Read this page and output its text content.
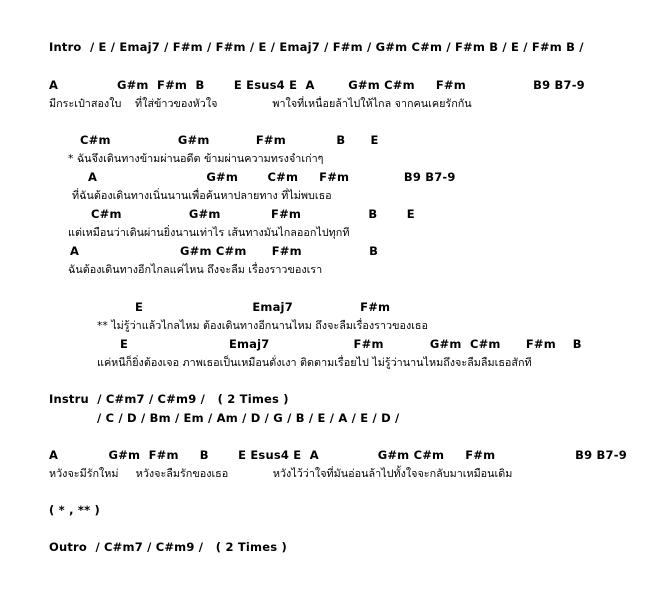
Intro  / E / Emaj7 / F#m / F#m / E / Emaj7 / F#m / G#m C#m / F#m B / E / F#m B /
A              G#m  F#m  B       E Esus4 E  A        G#m C#m     F#m                B9 B7-9
มีกระเป๋าสองใบ    ที่ใส่ข้าวของหัวใจ                พาใจที่เหนื่อยล้าไปให้ไกล จากคนเคยรักกัน
C#m                G#m           F#m            B      E
* ฉันจึงเดินทางข้ามผ่านอดีต ข้ามผ่านความทรงจำเก่าๆ
A                          G#m       C#m     F#m             B9 B7-9
ที่ฉันต้องเดินทางเนิ่นนานเพื่อค้นหาปลายทาง ที่ไม่พบเธอ
C#m                G#m            F#m                B       E
แต่เหมือนว่าเดินผ่านยิ่งนานเท่าไร เส้นทางมันไกลออกไปทุกที
A                        G#m C#m      F#m                B
ฉันต้องเดินทางอีกไกลแค่ไหน ถึงจะลืม เรื่องราวของเรา
E                          Emaj7                F#m
** ไม่รู้ว่าแล้วไกลไหม ต้องเดินทางอีกนานไหม ถึงจะลืมเรื่องราวของเธอ
E                        Emaj7                    F#m           G#m  C#m      F#m    B
แค่หนีก็ยิ่งต้องเจอ ภาพเธอเป็นเหมือนดั่งเงา ติดตามเรื่อยไป ไม่รู้ว่านานไหมถึงจะลืมลืมเธอสักที
Instru  / C#m7 / C#m9 /   ( 2 Times )
/ C / D / Bm / Em / Am / D / G / B / E / A / E / D /
A            G#m  F#m     B       E Esus4 E  A              G#m C#m     F#m                   B9 B7-9
หวังจะมีรักใหม่     หวังจะลืมรักของเธอ             หวังไว้ว่าใจที่มันอ่อนล้าไปทั้งใจจะกลับมาเหมือนเดิม
( * , ** )
Outro  / C#m7 / C#m9 /   ( 2 Times )
